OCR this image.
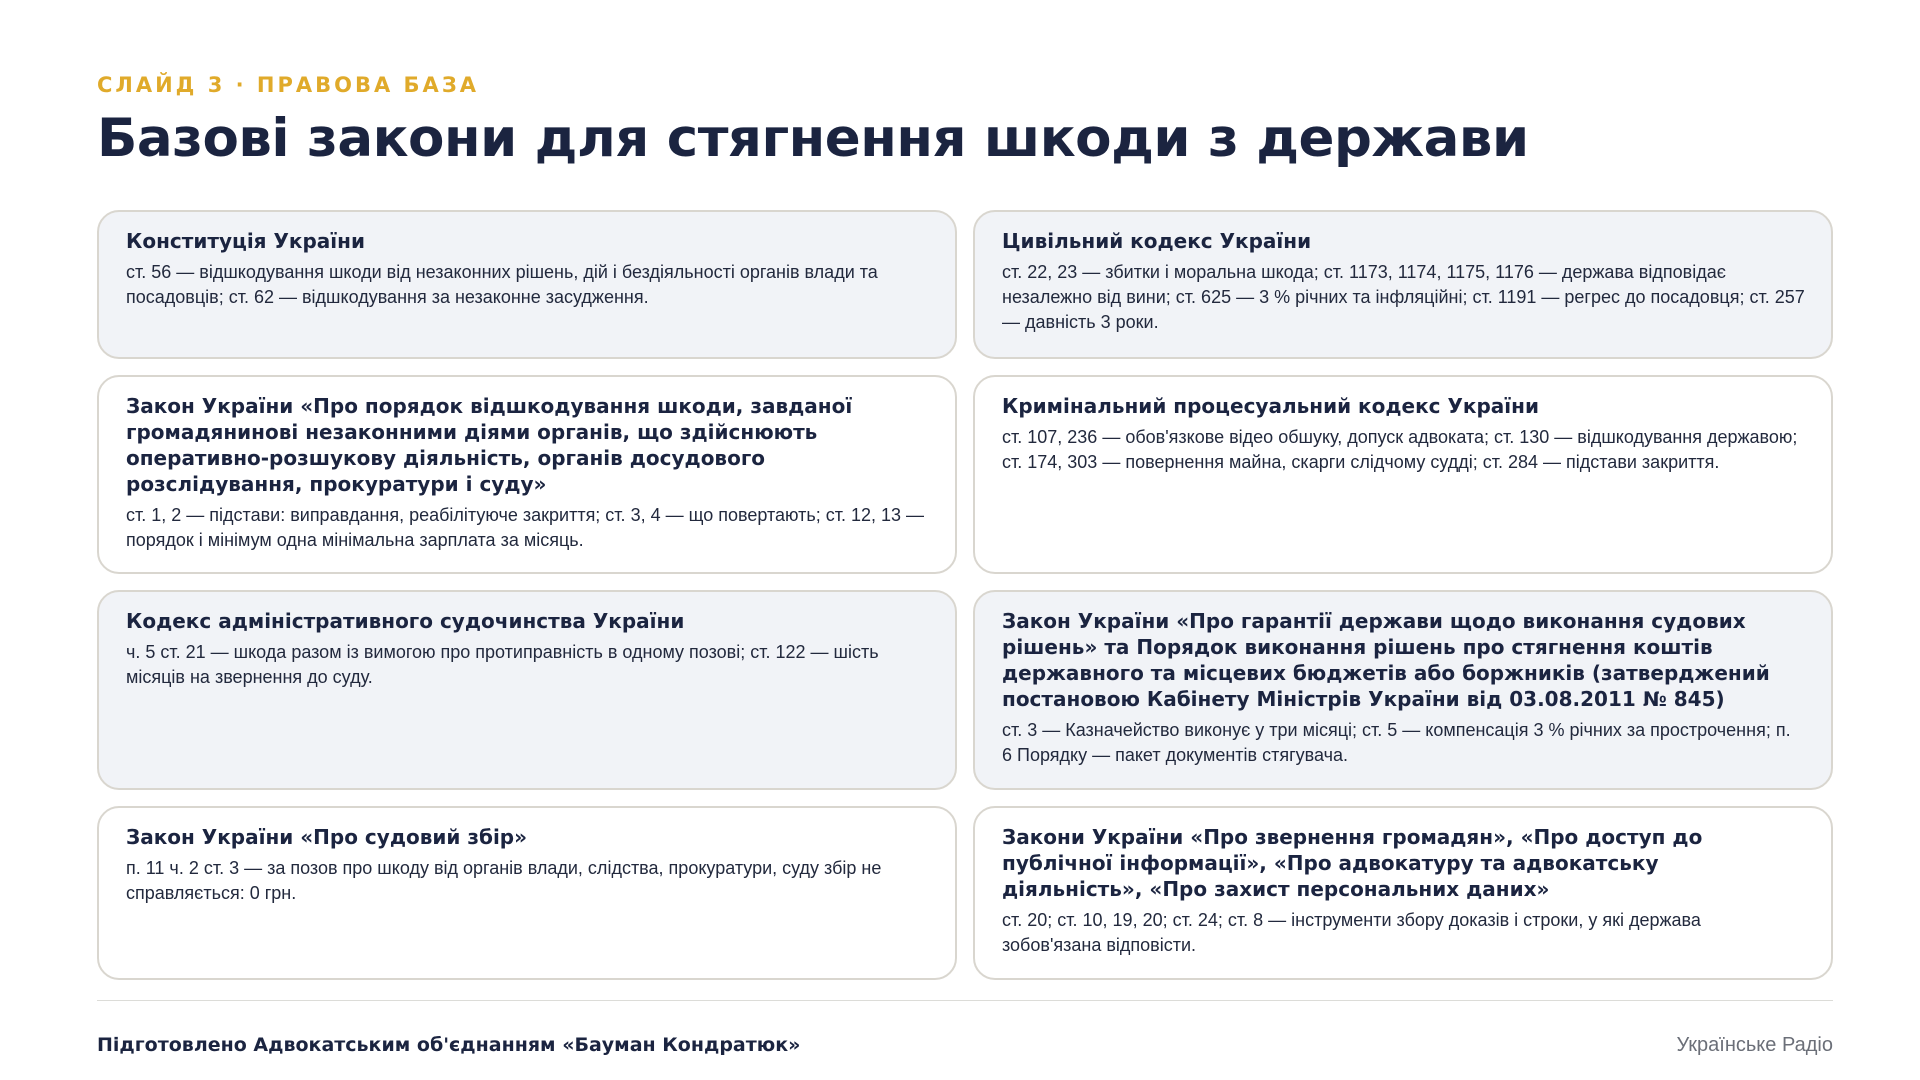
СЛАЙД 3 · ПРАВОВА БАЗА
Базові закони для стягнення шкоди з держави
Конституція України

ст. 56 — відшкодування шкоди від незаконних рішень, дій і бездіяльності органів влади та посадовців; ст. 62 — відшкодування за незаконне засудження.

Цивільний кодекс України

ст. 22, 23 — збитки і моральна шкода; ст. 1173, 1174, 1175, 1176 — держава відповідає незалежно від вини; ст. 625 — 3 % річних та інфляційні; ст. 1191 — регрес до посадовця; ст. 257 — давність 3 роки.

Закон України «Про порядок відшкодування шкоди, завданої громадянинові незаконними діями органів, що здійснюють оперативно-розшукову діяльність, органів досудового розслідування, прокуратури і суду»

ст. 1, 2 — підстави: виправдання, реабілітуюче закриття; ст. 3, 4 — що повертають; ст. 12, 13 — порядок і мінімум одна мінімальна зарплата за місяць.

Кримінальний процесуальний кодекс України

ст. 107, 236 — обов'язкове відео обшуку, допуск адвоката; ст. 130 — відшкодування державою; ст. 174, 303 — повернення майна, скарги слідчому судді; ст. 284 — підстави закриття.

Кодекс адміністративного судочинства України

ч. 5 ст. 21 — шкода разом із вимогою про протиправність в одному позові; ст. 122 — шість місяців на звернення до суду.

Закон України «Про гарантії держави щодо виконання судових рішень» та Порядок виконання рішень про стягнення коштів державного та місцевих бюджетів або боржників (затверджений постановою Кабінету Міністрів України від 03.08.2011 № 845)

ст. 3 — Казначейство виконує у три місяці; ст. 5 — компенсація 3 % річних за прострочення; п. 6 Порядку — пакет документів стягувача.

Закон України «Про судовий збір»

п. 11 ч. 2 ст. 3 — за позов про шкоду від органів влади, слідства, прокуратури, суду збір не справляється: 0 грн.

Закони України «Про звернення громадян», «Про доступ до публічної інформації», «Про адвокатуру та адвокатську діяльність», «Про захист персональних даних»

ст. 20; ст. 10, 19, 20; ст. 24; ст. 8 — інструменти збору доказів і строки, у які держава зобов'язана відповісти.

Підготовлено Адвокатським об'єднанням «Бауман Кондратюк»	Українське Радіо
